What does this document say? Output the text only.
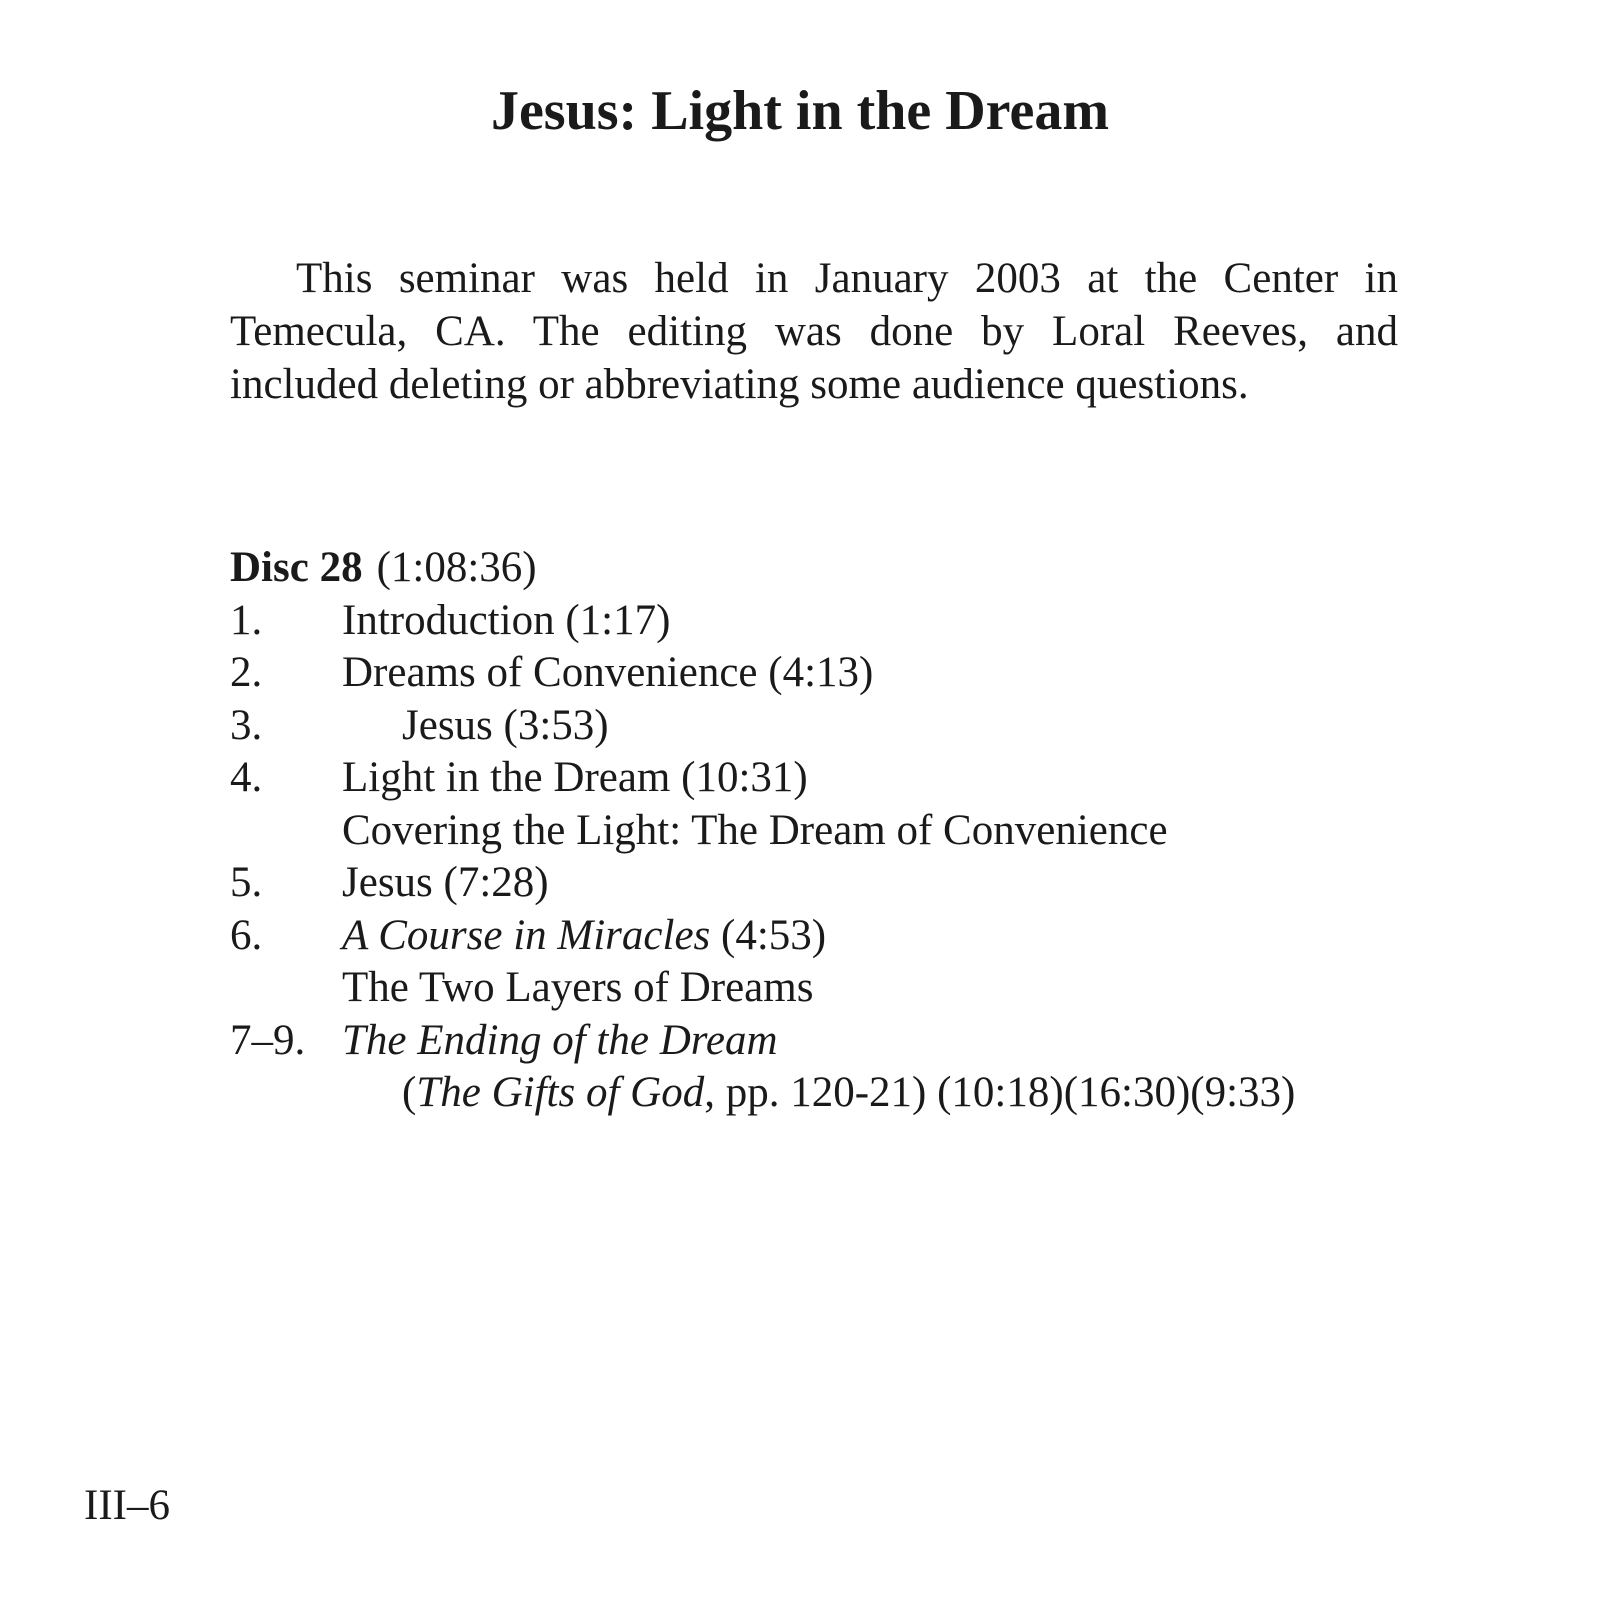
Jesus: Light in the Dream

This seminar was held in January 2003 at the Center in Temecula, CA. The editing was done by Loral Reeves, and included deleting or abbreviating some audience questions.

Disc 28 (1:08:36)
1. Introduction (1:17)
2. Dreams of Convenience (4:13)
3.	Jesus (3:53)
4. Light in the Dream (10:31)
Covering the Light: The Dream of Convenience
5. Jesus (7:28)
6. A Course in Miracles (4:53)
The Two Layers of Dreams
7–9. The Ending of the Dream
(The Gifts of God, pp. 120-21) (10:18)(16:30)(9:33)
III–6
